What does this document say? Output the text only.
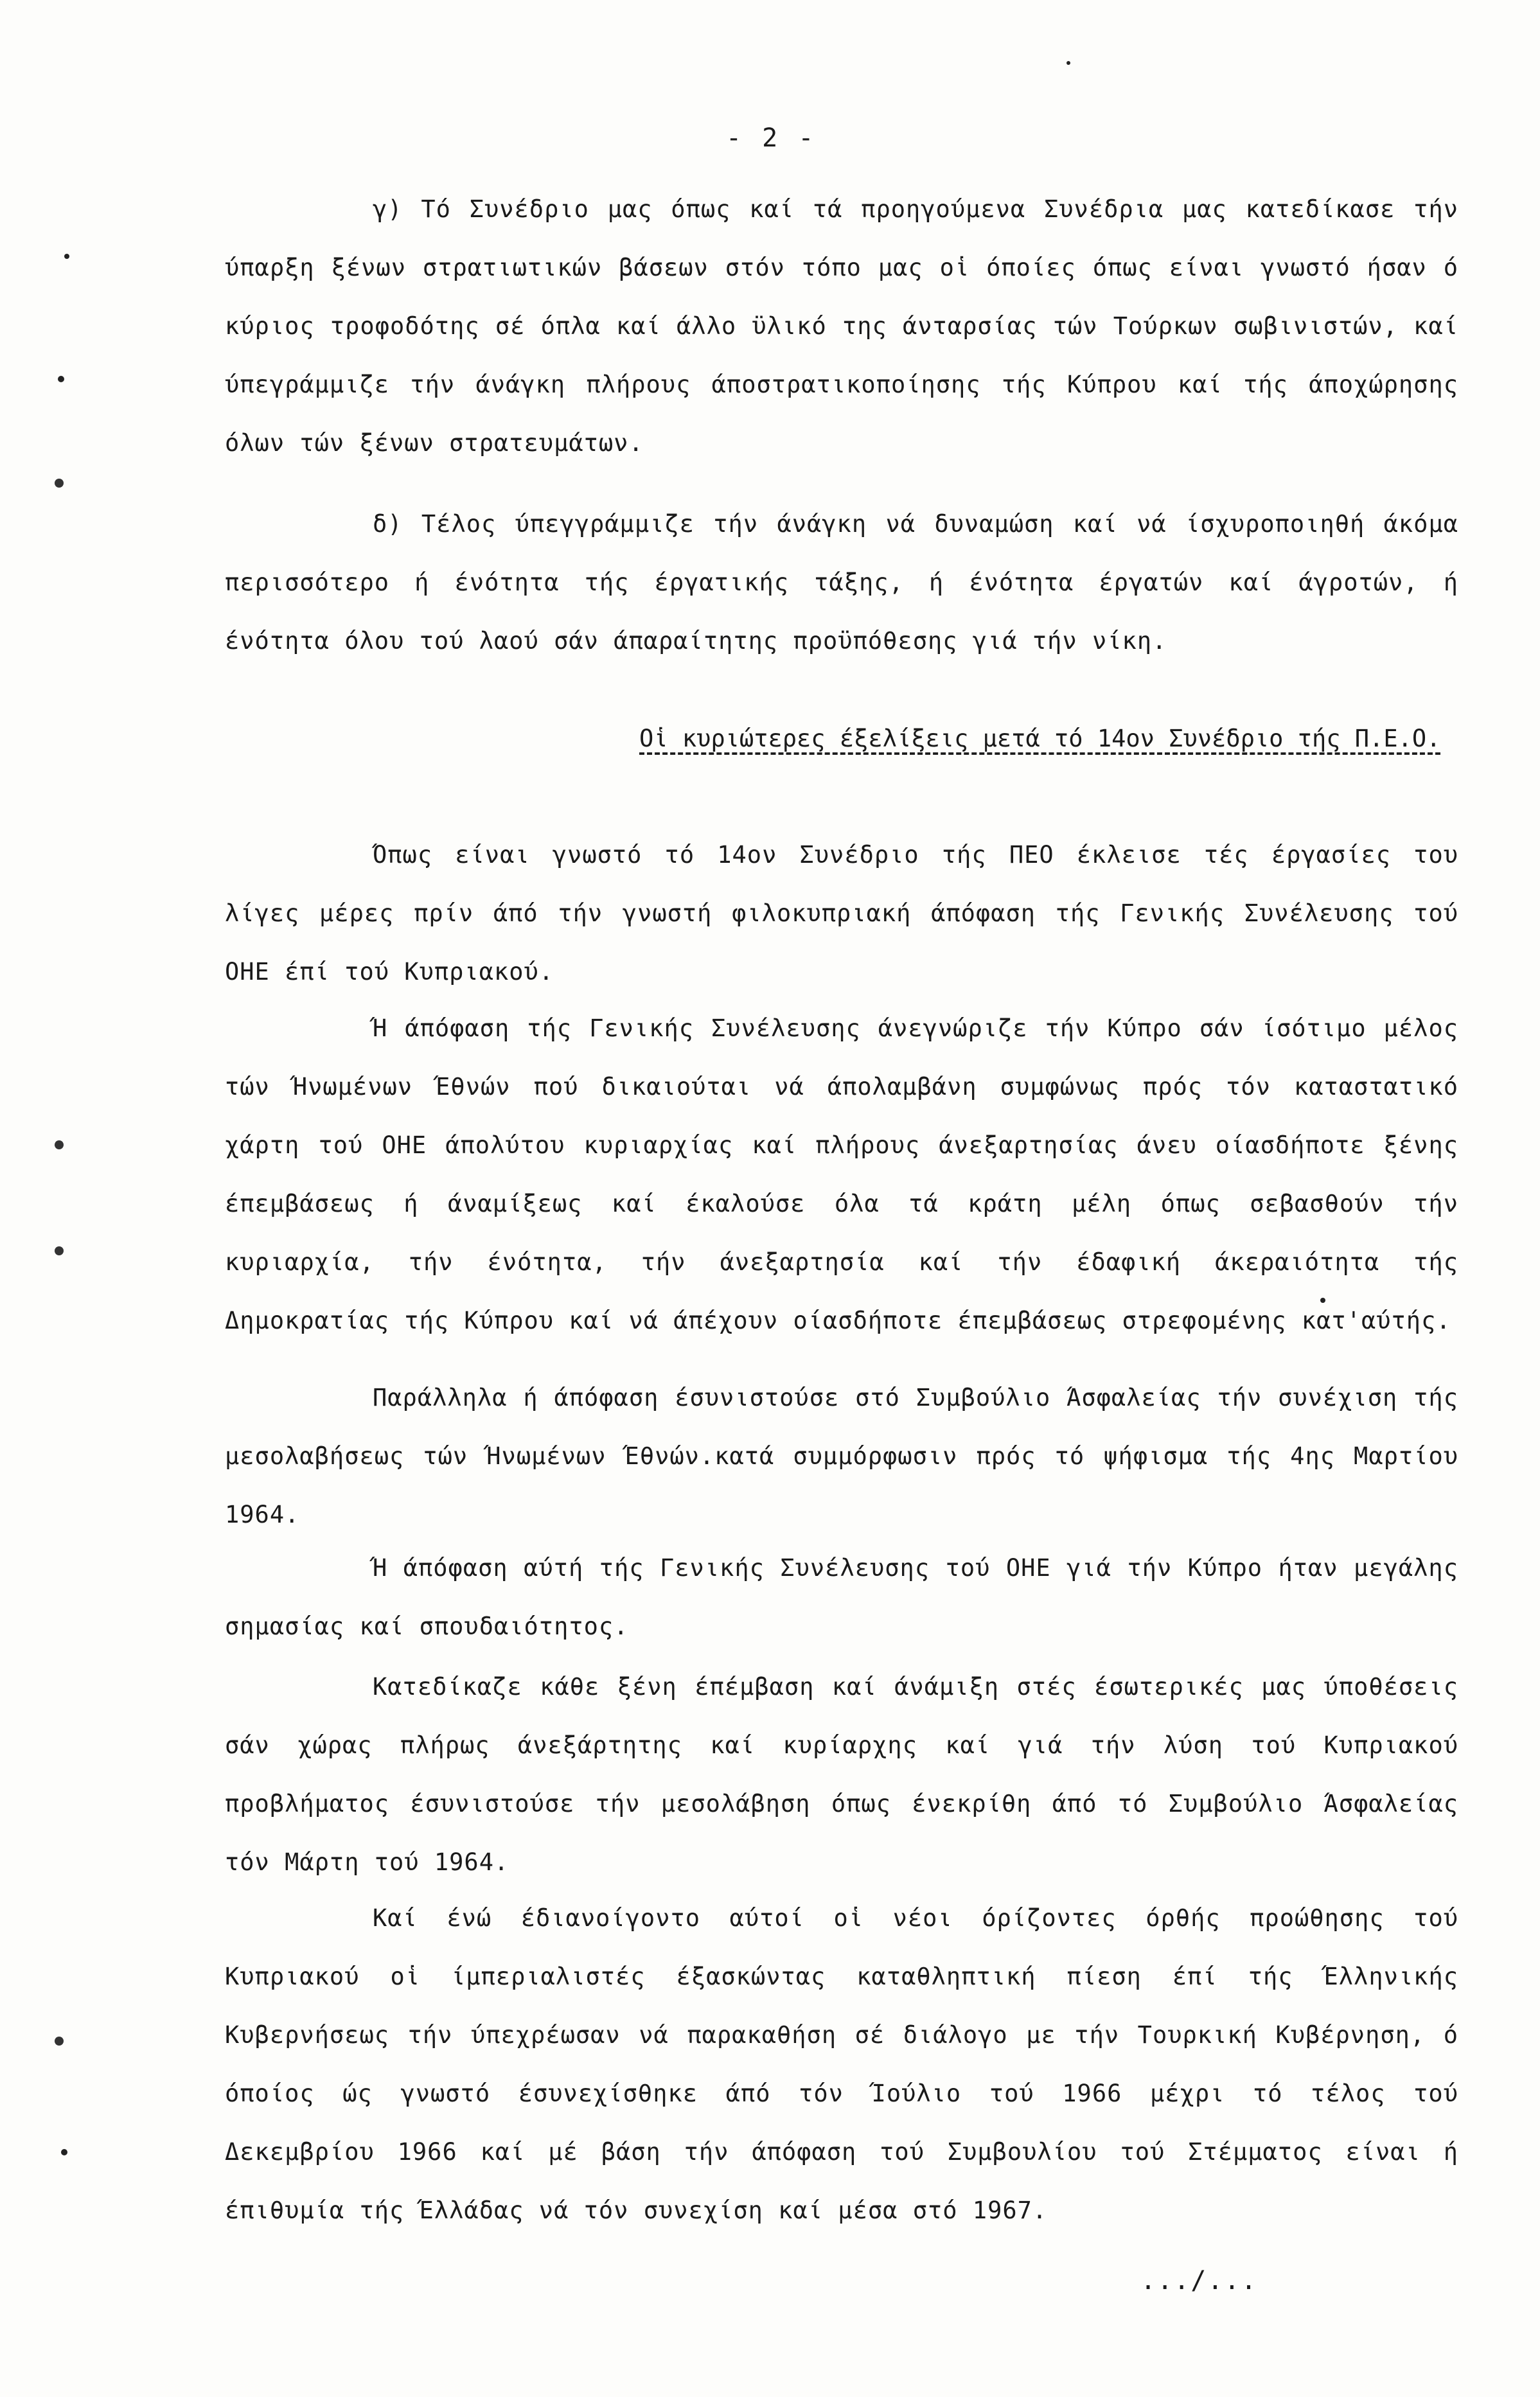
- 2 -

γ) Τό Συνέδριο μας όπως καί τά προηγούμενα Συνέδρια μας κατεδίκασε τήν ύπαρξη ξένων στρατιωτικών βάσεων στόν τόπο μας οἱ όποίες όπως είναι γνωστό ήσαν ό κύριος τροφοδότης σέ όπλα καί άλλο ϋλικό της άνταρσίας τών Τούρκων σωβινιστών, καί ύπεγράμμιζε τήν άνάγκη πλήρους άποστρατικοποίησης τής Κύπρου καί τής άποχώρησης όλων τών ξένων στρατευμάτων.

δ) Τέλος ύπεγγράμμιζε τήν άνάγκη νά δυναμώση καί νά ίσχυροποιηθή άκόμα περισσότερο ή ένότητα τής έργατικής τάξης, ή ένότητα έργατών καί άγροτών, ή ένότητα όλου τού λαού σάν άπαραίτητης προϋπόθεσης γιά τήν νίκη.

Οἱ κυριώτερες έξελίξεις μετά τό 14ον Συνέδριο τής Π.Ε.Ο.

Όπως είναι γνωστό τό 14ον Συνέδριο τής ΠΕΟ έκλεισε τές έργασίες του λίγες μέρες πρίν άπό τήν γνωστή φιλοκυπριακή άπόφαση τής Γενικής Συνέλευσης τού ΟΗΕ έπί τού Κυπριακού.

Ή άπόφαση τής Γενικής Συνέλευσης άνεγνώριζε τήν Κύπρο σάν ίσότιμο μέλος τών Ήνωμένων Έθνών πού δικαιούται νά άπολαμβάνη συμφώνως πρός τόν καταστατικό χάρτη τού ΟΗΕ άπολύτου κυριαρχίας καί πλήρους άνεξαρτησίας άνευ οίασδήποτε ξένης έπεμβάσεως ή άναμίξεως καί έκαλούσε όλα τά κράτη μέλη όπως σεβασθούν τήν κυριαρχία, τήν ένότητα, τήν άνεξαρτησία καί τήν έδαφική άκεραιότητα τής Δημοκρατίας τής Κύπρου καί νά άπέχουν οίασδήποτε έπεμβάσεως στρεφομένης κατ'αύτής.

Παράλληλα ή άπόφαση έσυνιστούσε στό Συμβούλιο Άσφαλείας τήν συνέχιση τής μεσολαβήσεως τών Ήνωμένων Έθνών.κατά συμμόρφωσιν πρός τό ψήφισμα τής 4ης Μαρτίου 1964.

Ή άπόφαση αύτή τής Γενικής Συνέλευσης τού ΟΗΕ γιά τήν Κύπρο ήταν μεγάλης σημασίας καί σπουδαιότητος.

Κατεδίκαζε κάθε ξένη έπέμβαση καί άνάμιξη στές έσωτερικές μας ύποθέσεις σάν χώρας πλήρως άνεξάρτητης καί κυρίαρχης καί γιά τήν λύση τού Κυπριακού προβλήματος έσυνιστούσε τήν μεσολάβηση όπως ένεκρίθη άπό τό Συμβούλιο Άσφαλείας τόν Μάρτη τού 1964.

Καί ένώ έδιανοίγοντο αύτοί οἱ νέοι όρίζοντες όρθής προώθησης τού Κυπριακού οἱ ίμπεριαλιστές έξασκώντας καταθληπτική πίεση έπί τής Έλληνικής Κυβερνήσεως τήν ύπεχρέωσαν νά παρακαθήση σέ διάλογο με τήν Τουρκική Κυβέρνηση, ό όποίος ώς γνωστό έσυνεχίσθηκε άπό τόν Ίούλιο τού 1966 μέχρι τό τέλος τού Δεκεμβρίου 1966 καί μέ βάση τήν άπόφαση τού Συμβουλίου τού Στέμματος είναι ή έπιθυμία τής Έλλάδας νά τόν συνεχίση καί μέσα στό 1967.

.../...
